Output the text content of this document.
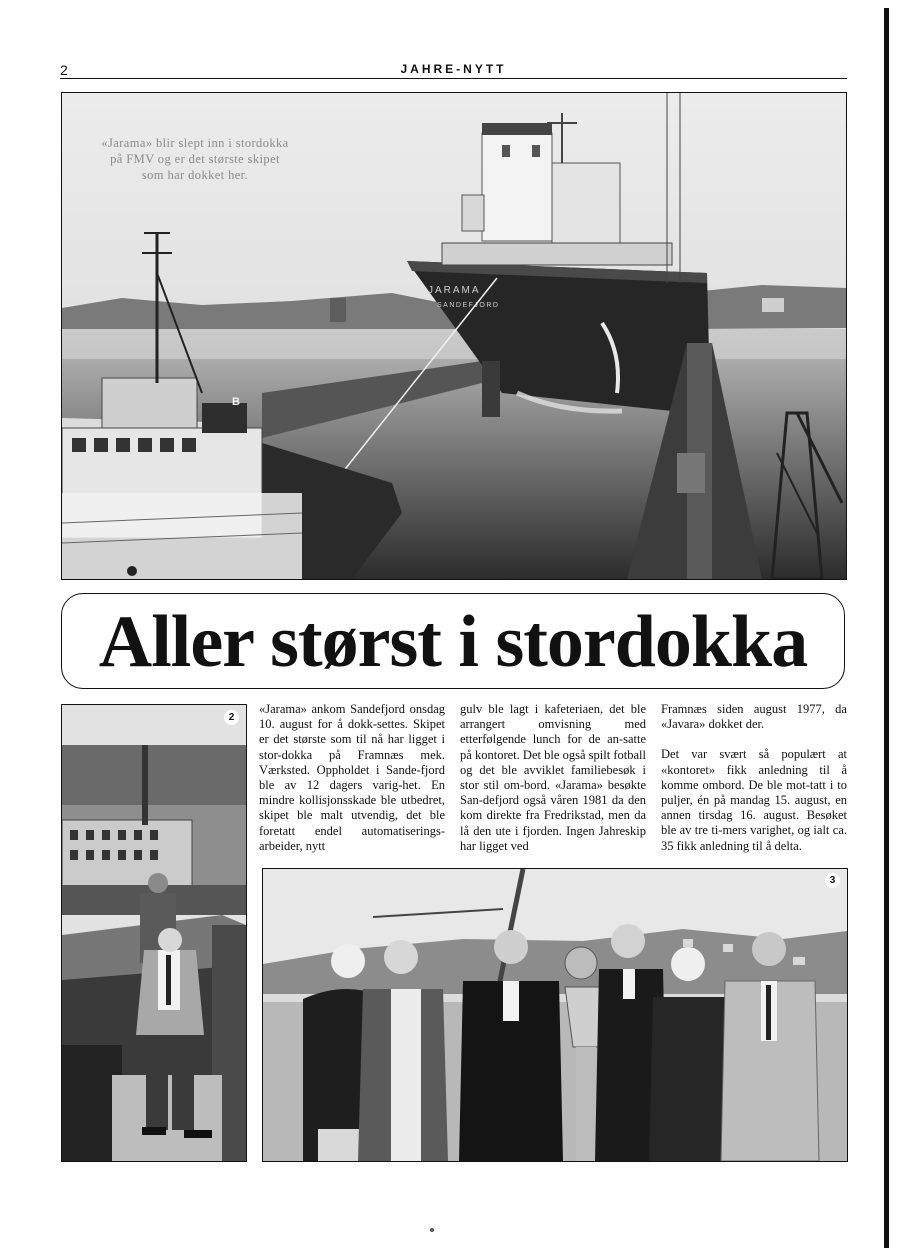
2	JAHRE-NYTT
JARAMA
SANDEFJORD
B
«Jarama» blir slept inn i stordokka på FMV og er det største skipet som har dokket her.
Aller størst i stordokka
2

«Jarama» ankom Sandefjord onsdag 10. august for å dokk-settes. Skipet er det største som til nå har ligget i stor-dokka på Framnæs mek. Værksted. Oppholdet i Sande-fjord ble av 12 dagers varig-het. En mindre kollisjonsskade ble utbedret, skipet ble malt utvendig, det ble foretatt endel automatiserings-arbeider, nytt

gulv ble lagt i kafeteriaen, det ble arrangert omvisning med etterfølgende lunch for de an-satte på kontoret. Det ble også spilt fotball og det ble avviklet familiebesøk i stor stil om-bord. «Jarama» besøkte San-defjord også våren 1981 da den kom direkte fra Fredrikstad, men da lå den ute i fjorden. Ingen Jahreskip har ligget ved

Framnæs siden august 1977, da «Javara» dokket der.

Det var svært så populært at «kontoret» fikk anledning til å komme ombord. De ble mot-tatt i to puljer, én på mandag 15. august, en annen tirsdag 16. august. Besøket ble av tre ti-mers varighet, og ialt ca. 35 fikk anledning til å delta.

3
